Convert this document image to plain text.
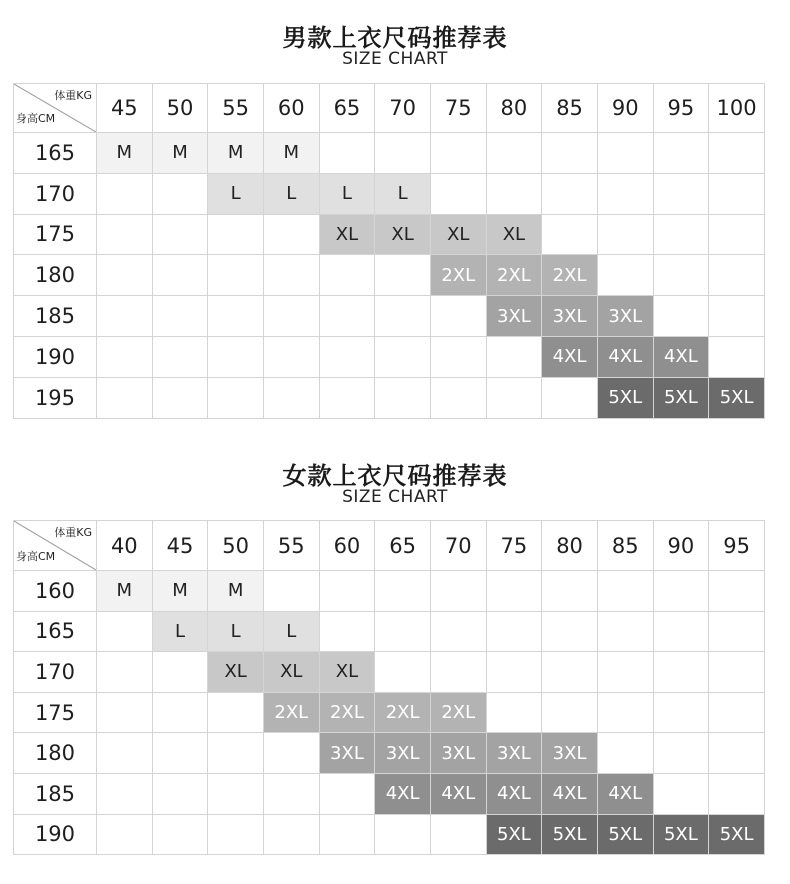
男款上衣尺码推荐表
SIZE CHART
体重KG
身高CM	45	50	55	60	65	70	75	80	85	90	95	100
165	M	M	M	M								
170			L	L	L	L						
175					XL	XL	XL	XL				
180							2XL	2XL	2XL			
185								3XL	3XL	3XL		
190									4XL	4XL	4XL	
195										5XL	5XL	5XL
女款上衣尺码推荐表
SIZE CHART
体重KG
身高CM	40	45	50	55	60	65	70	75	80	85	90	95
160	M	M	M									
165		L	L	L								
170			XL	XL	XL							
175				2XL	2XL	2XL	2XL					
180					3XL	3XL	3XL	3XL	3XL			
185						4XL	4XL	4XL	4XL	4XL		
190								5XL	5XL	5XL	5XL	5XL
